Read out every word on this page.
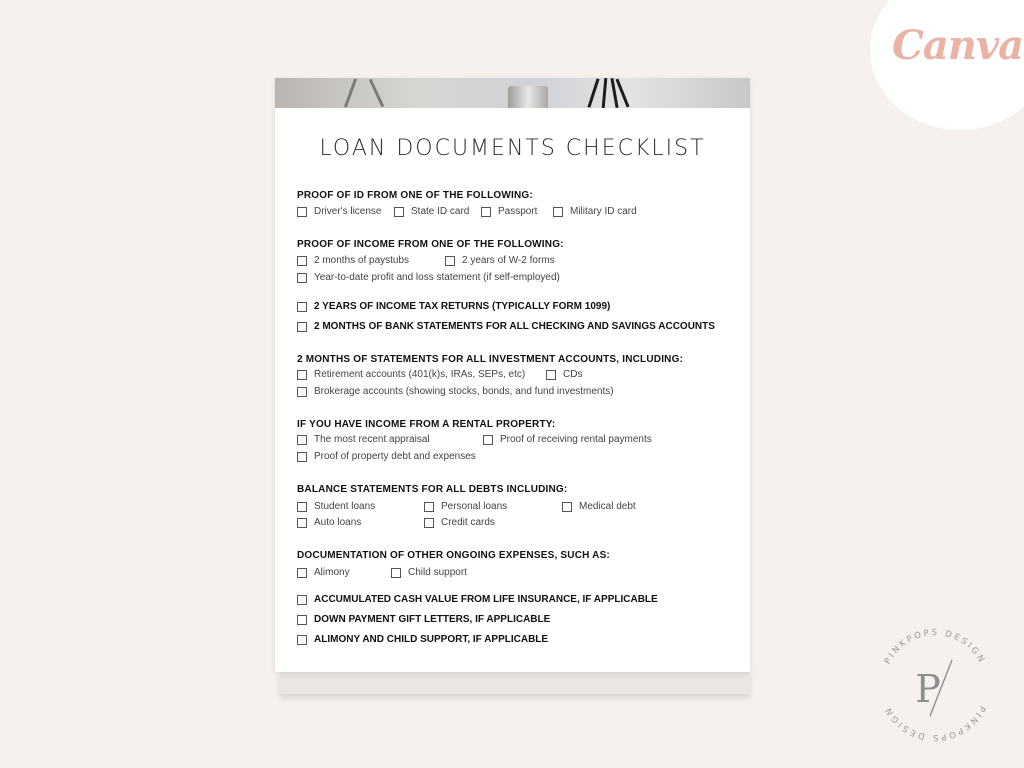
Canva
LOAN DOCUMENTS CHECKLIST
PROOF OF ID FROM ONE OF THE FOLLOWING:
Driver's license	State ID card	Passport	Military ID card
PROOF OF INCOME FROM ONE OF THE FOLLOWING:
2 months of paystubs	2 years of W-2 forms
Year-to-date profit and loss statement (if self-employed)
2 YEARS OF INCOME TAX RETURNS (TYPICALLY FORM 1099)
2 MONTHS OF BANK STATEMENTS FOR ALL CHECKING AND SAVINGS ACCOUNTS
2 MONTHS OF STATEMENTS FOR ALL INVESTMENT ACCOUNTS, INCLUDING:
Retirement accounts (401(k)s, IRAs, SEPs, etc)	CDs
Brokerage accounts (showing stocks, bonds, and fund investments)
IF YOU HAVE INCOME FROM A RENTAL PROPERTY:
The most recent appraisal	Proof of receiving rental payments
Proof of property debt and expenses
BALANCE STATEMENTS FOR ALL DEBTS INCLUDING:
Student loans	Personal loans	Medical debt
Auto loans	Credit cards
DOCUMENTATION OF OTHER ONGOING EXPENSES, SUCH AS:
Alimony	Child support
ACCUMULATED CASH VALUE FROM LIFE INSURANCE, IF APPLICABLE
DOWN PAYMENT GIFT LETTERS, IF APPLICABLE
ALIMONY AND CHILD SUPPORT, IF APPLICABLE
PINKPOPS DESIGN
PINKPOPS DESIGN P
